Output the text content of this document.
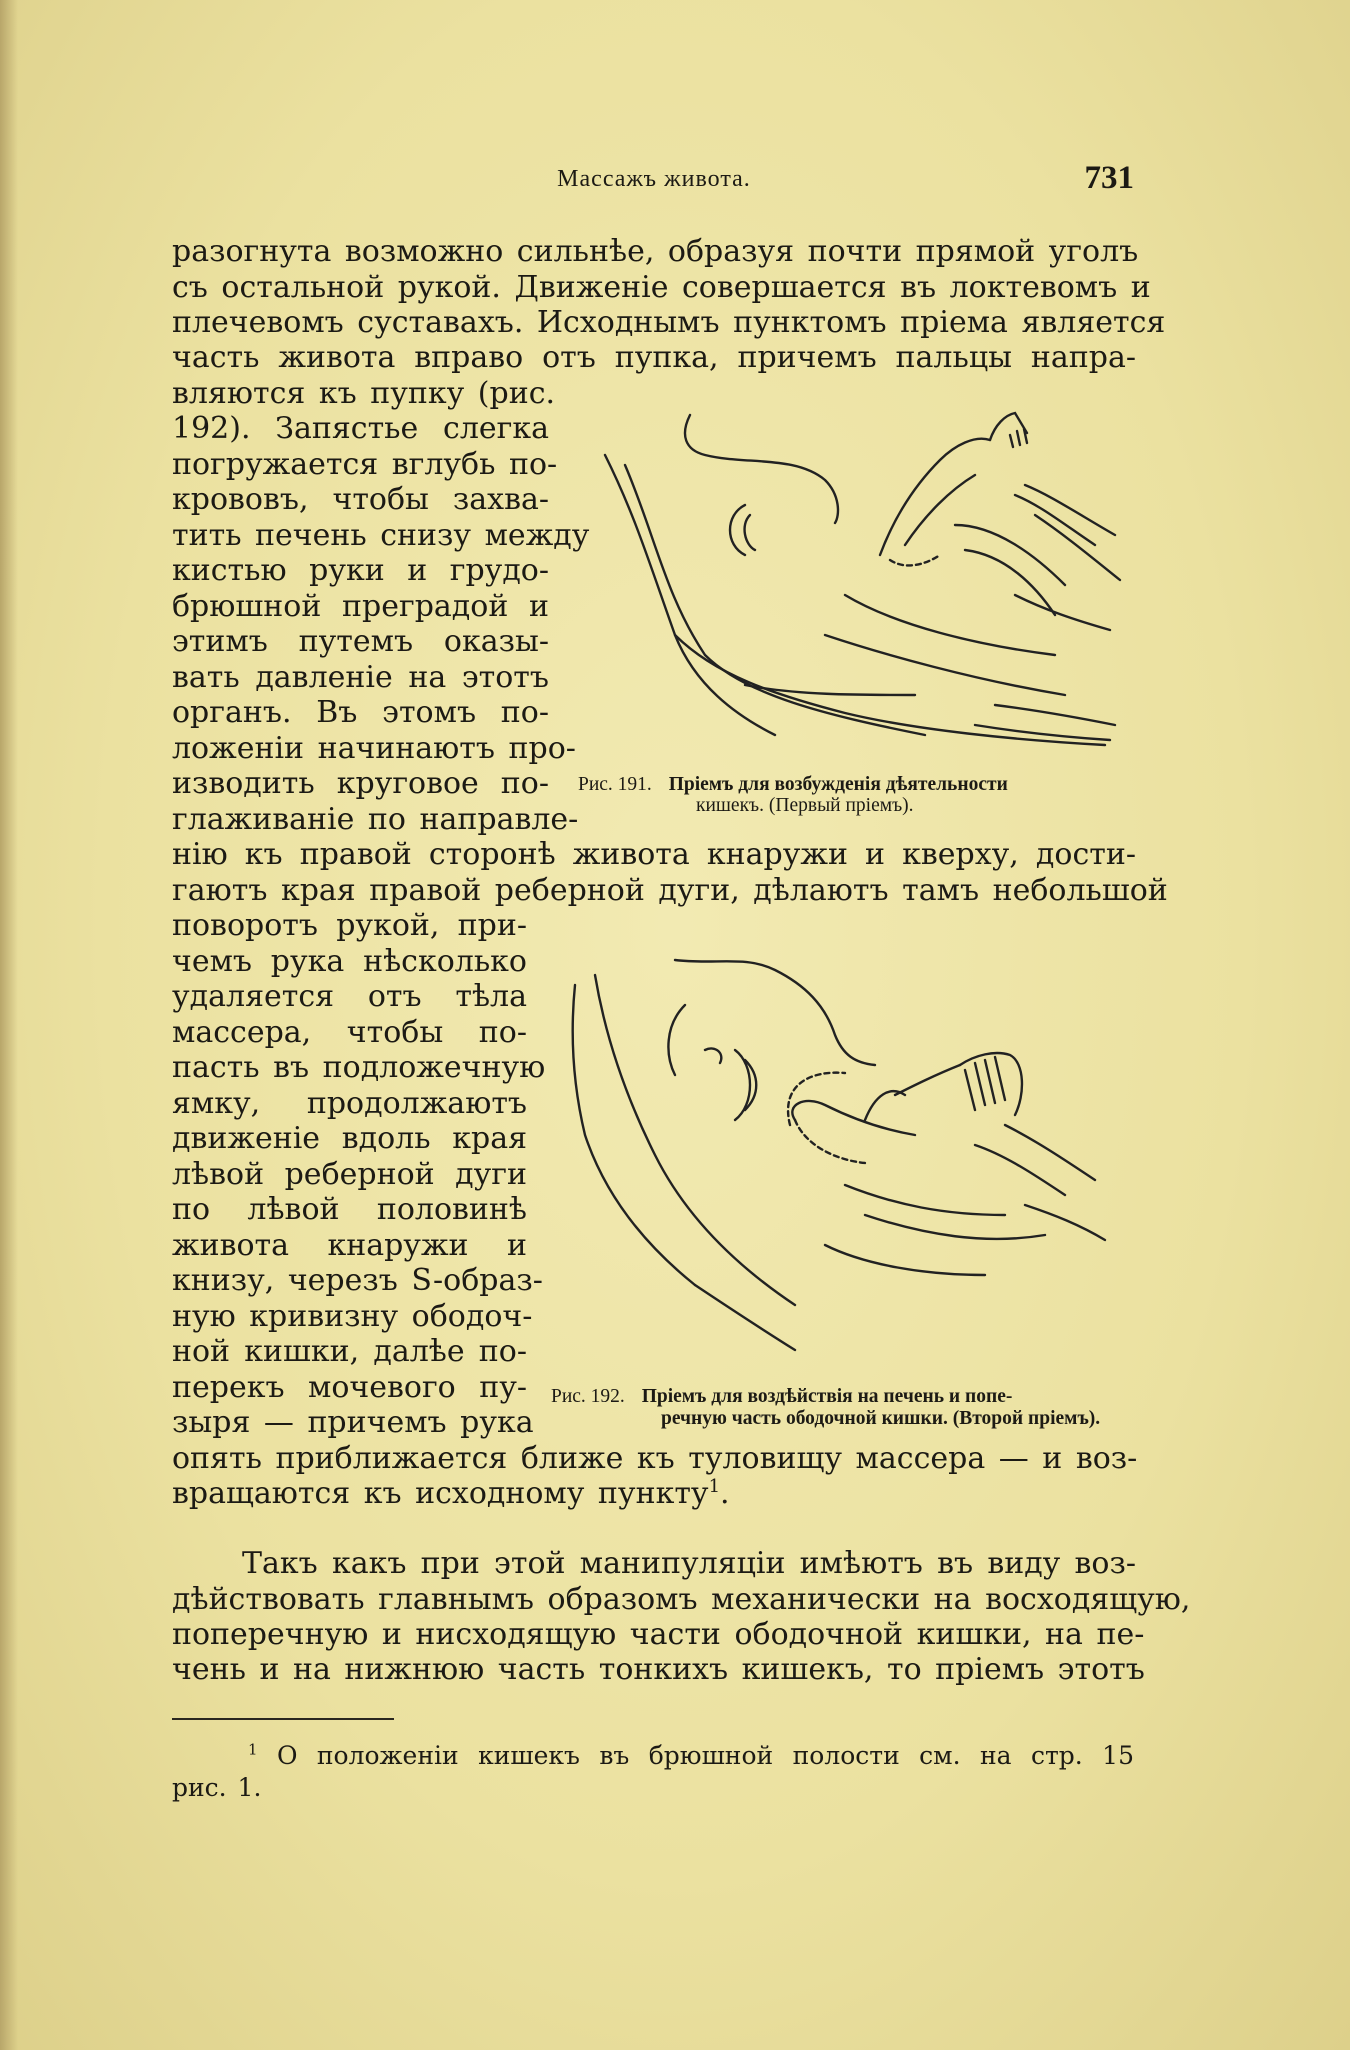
Массажъ живота.	731
разогнута возможно сильнѣе, образуя почти прямой уголъ
съ остальной рукой. Движеніе совершается въ локтевомъ и
плечевомъ суставахъ. Исходнымъ пунктомъ пріема является
часть живота вправо отъ пупка, причемъ пальцы напра-
вляются къ пупку (рис.
192). Запястье слегка
погружается вглубь по-
крововъ, чтобы захва-
тить печень снизу между
кистью руки и грудо-
брюшной преградой и
этимъ путемъ оказы-
вать давленіе на этотъ
органъ. Въ этомъ по-
ложеніи начинаютъ про-
изводить круговое по-
глаживаніе по направле-
нію къ правой сторонѣ живота кнаружи и кверху, дости-
гаютъ края правой реберной дуги, дѣлаютъ тамъ небольшой
поворотъ рукой, при-
чемъ рука нѣсколько
удаляется отъ тѣла
массера, чтобы по-
пасть въ подложечную
ямку, продолжаютъ
движеніе вдоль края
лѣвой реберной дуги
по лѣвой половинѣ
живота кнаружи и
книзу, черезъ S-образ-
ную кривизну ободоч-
ной кишки, далѣе по-
перекъ мочевого пу-
зыря — причемъ рука
опять приближается ближе къ туловищу массера — и воз-
вращаются къ исходному пункту$^1$.
Такъ какъ при этой манипуляціи имѣютъ въ виду воз-
дѣйствовать главнымъ образомъ механически на восходящую,
поперечную и нисходящую части ободочной кишки, на пе-
чень и на нижнюю часть тонкихъ кишекъ, то пріемъ этотъ
Рис. 191. Пріемъ для возбужденія дѣятельности
кишекъ. (Первый пріемъ).
Рис. 192. Пріемъ для воздѣйствія на печень и попе-
речную часть ободочной кишки. (Второй пріемъ).
$^1$ О положеніи кишекъ въ брюшной полости см. на стр. 15
рис. 1.
